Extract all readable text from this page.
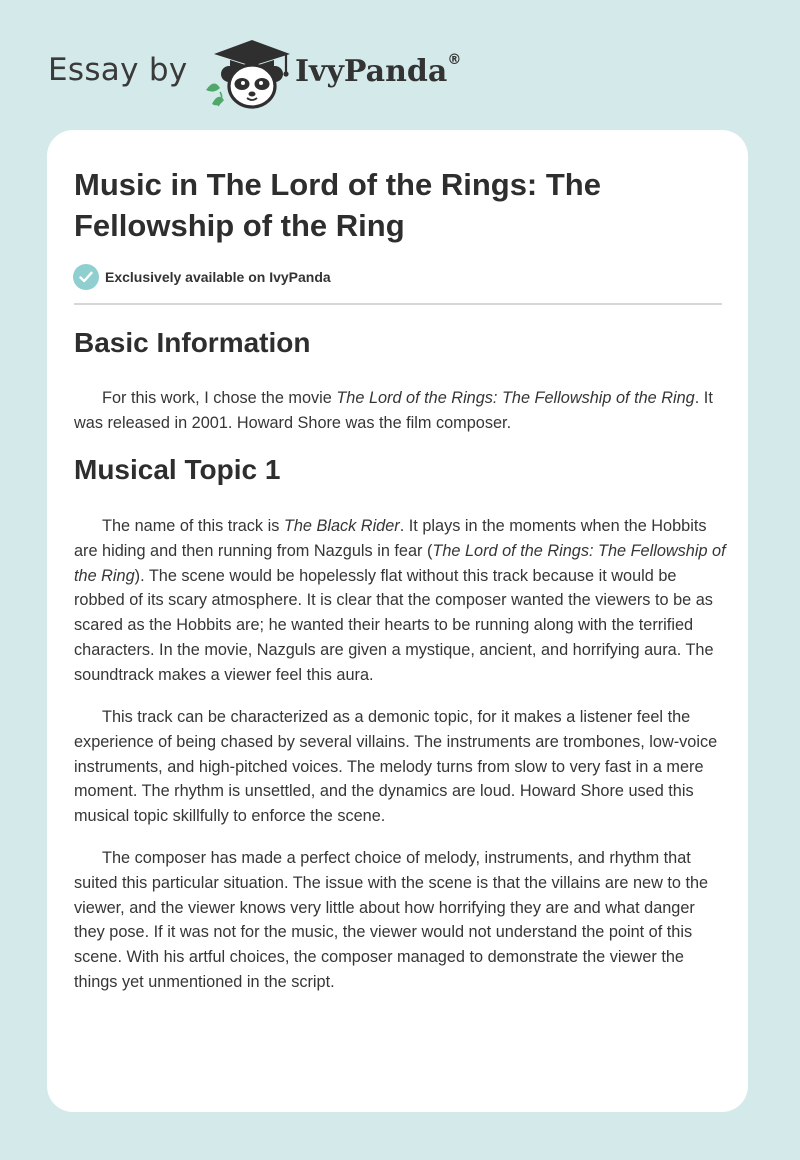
Essay by	IvyPanda®
Music in The Lord of the Rings: The Fellowship of the Ring
Exclusively available on IvyPanda
Basic Information

For this work, I chose the movie The Lord of the Rings: The Fellowship of the Ring. It was released in 2001. Howard Shore was the film composer.

Musical Topic 1

The name of this track is The Black Rider. It plays in the moments when the Hobbits are hiding and then running from Nazguls in fear (The Lord of the Rings: The Fellowship of the Ring). The scene would be hopelessly flat without this track because it would be robbed of its scary atmosphere. It is clear that the composer wanted the viewers to be as scared as the Hobbits are; he wanted their hearts to be running along with the terrified characters. In the movie, Nazguls are given a mystique, ancient, and horrifying aura. The soundtrack makes a viewer feel this aura.

This track can be characterized as a demonic topic, for it makes a listener feel the experience of being chased by several villains. The instruments are trombones, low-voice instruments, and high-pitched voices. The melody turns from slow to very fast in a mere moment. The rhythm is unsettled, and the dynamics are loud. Howard Shore used this musical topic skillfully to enforce the scene.

The composer has made a perfect choice of melody, instruments, and rhythm that suited this particular situation. The issue with the scene is that the villains are new to the viewer, and the viewer knows very little about how horrifying they are and what danger they pose. If it was not for the music, the viewer would not understand the point of this scene. With his artful choices, the composer managed to demonstrate the viewer the things yet unmentioned in the script.
